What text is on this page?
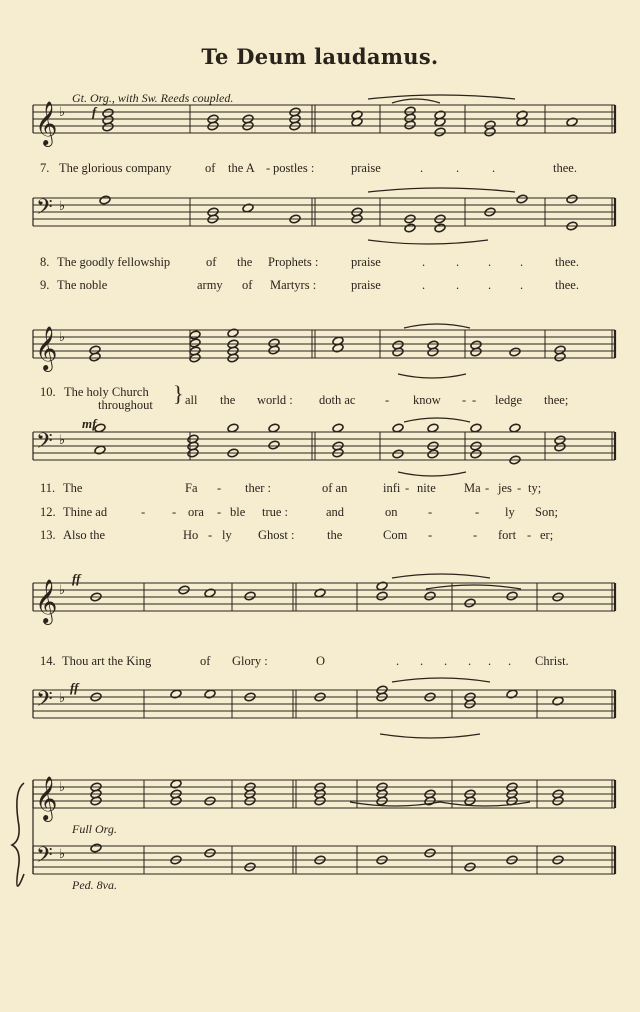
Te Deum laudamus.
Gt. Org., with Sw. Reeds coupled.
Full Org.
Ped. 8va.
f
mf
ff
ff
7. The glorious company	of the A - postles :	praise	.	.	.	thee.
8. The goodly fellowship	of the Prophets :	praise	. . . .	thee.
9. The noble	army of Martyrs :	praise	. . . .	thee.
10. The holy Church
throughout } all the world : doth ac - know - - ledge thee;
11. The	Fa - ther :	of an	infi - nite Ma - jes - ty;
12. Thine ad	- - ora - ble true :	and	on -	- ly Son;
13. Also the	Ho - ly Ghost :	the	Com -	- fort - er;
14. Thou art the King	of Glory :	O	. . . . . . Christ.
𝄞 ♭
𝄢 ♭
𝄞 ♭
𝄢 ♭
𝄞 ♭
𝄢 ♭
𝄞 ♭
𝄢 ♭
